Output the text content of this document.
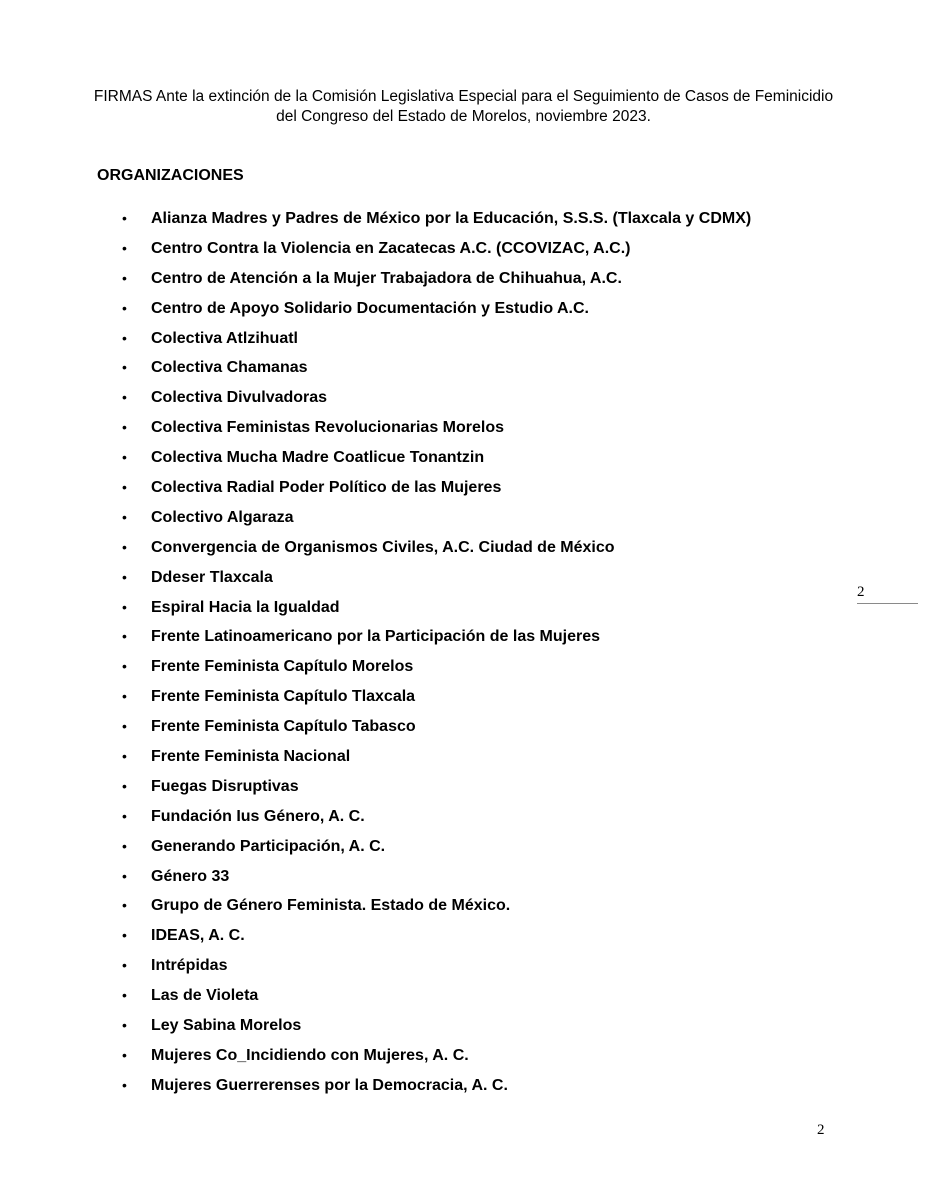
FIRMAS Ante la extinción de la Comisión Legislativa Especial para el Seguimiento de Casos de Feminicidio
del Congreso del Estado de Morelos, noviembre 2023.
ORGANIZACIONES
• Alianza Madres y Padres de México por la Educación, S.S.S. (Tlaxcala y CDMX)
• Centro Contra la Violencia en Zacatecas A.C. (CCOVIZAC, A.C.)
• Centro de Atención a la Mujer Trabajadora de Chihuahua, A.C.
• Centro de Apoyo Solidario Documentación y Estudio A.C.
• Colectiva Atlzihuatl
• Colectiva Chamanas
• Colectiva Divulvadoras
• Colectiva Feministas Revolucionarias Morelos
• Colectiva Mucha Madre Coatlicue Tonantzin
• Colectiva Radial Poder Político de las Mujeres
• Colectivo Algaraza
• Convergencia de Organismos Civiles, A.C. Ciudad de México
• Ddeser Tlaxcala
• Espiral Hacia la Igualdad
• Frente Latinoamericano por la Participación de las Mujeres
• Frente Feminista Capítulo Morelos
• Frente Feminista Capítulo Tlaxcala
• Frente Feminista Capítulo Tabasco
• Frente Feminista Nacional
• Fuegas Disruptivas
• Fundación Ius Género, A. C.
• Generando Participación, A. C.
• Género 33
• Grupo de Género Feminista. Estado de México.
• IDEAS, A. C.
• Intrépidas
• Las de Violeta
• Ley Sabina Morelos
• Mujeres Co_Incidiendo con Mujeres, A. C.
• Mujeres Guerrerenses por la Democracia, A. C.
2
2
